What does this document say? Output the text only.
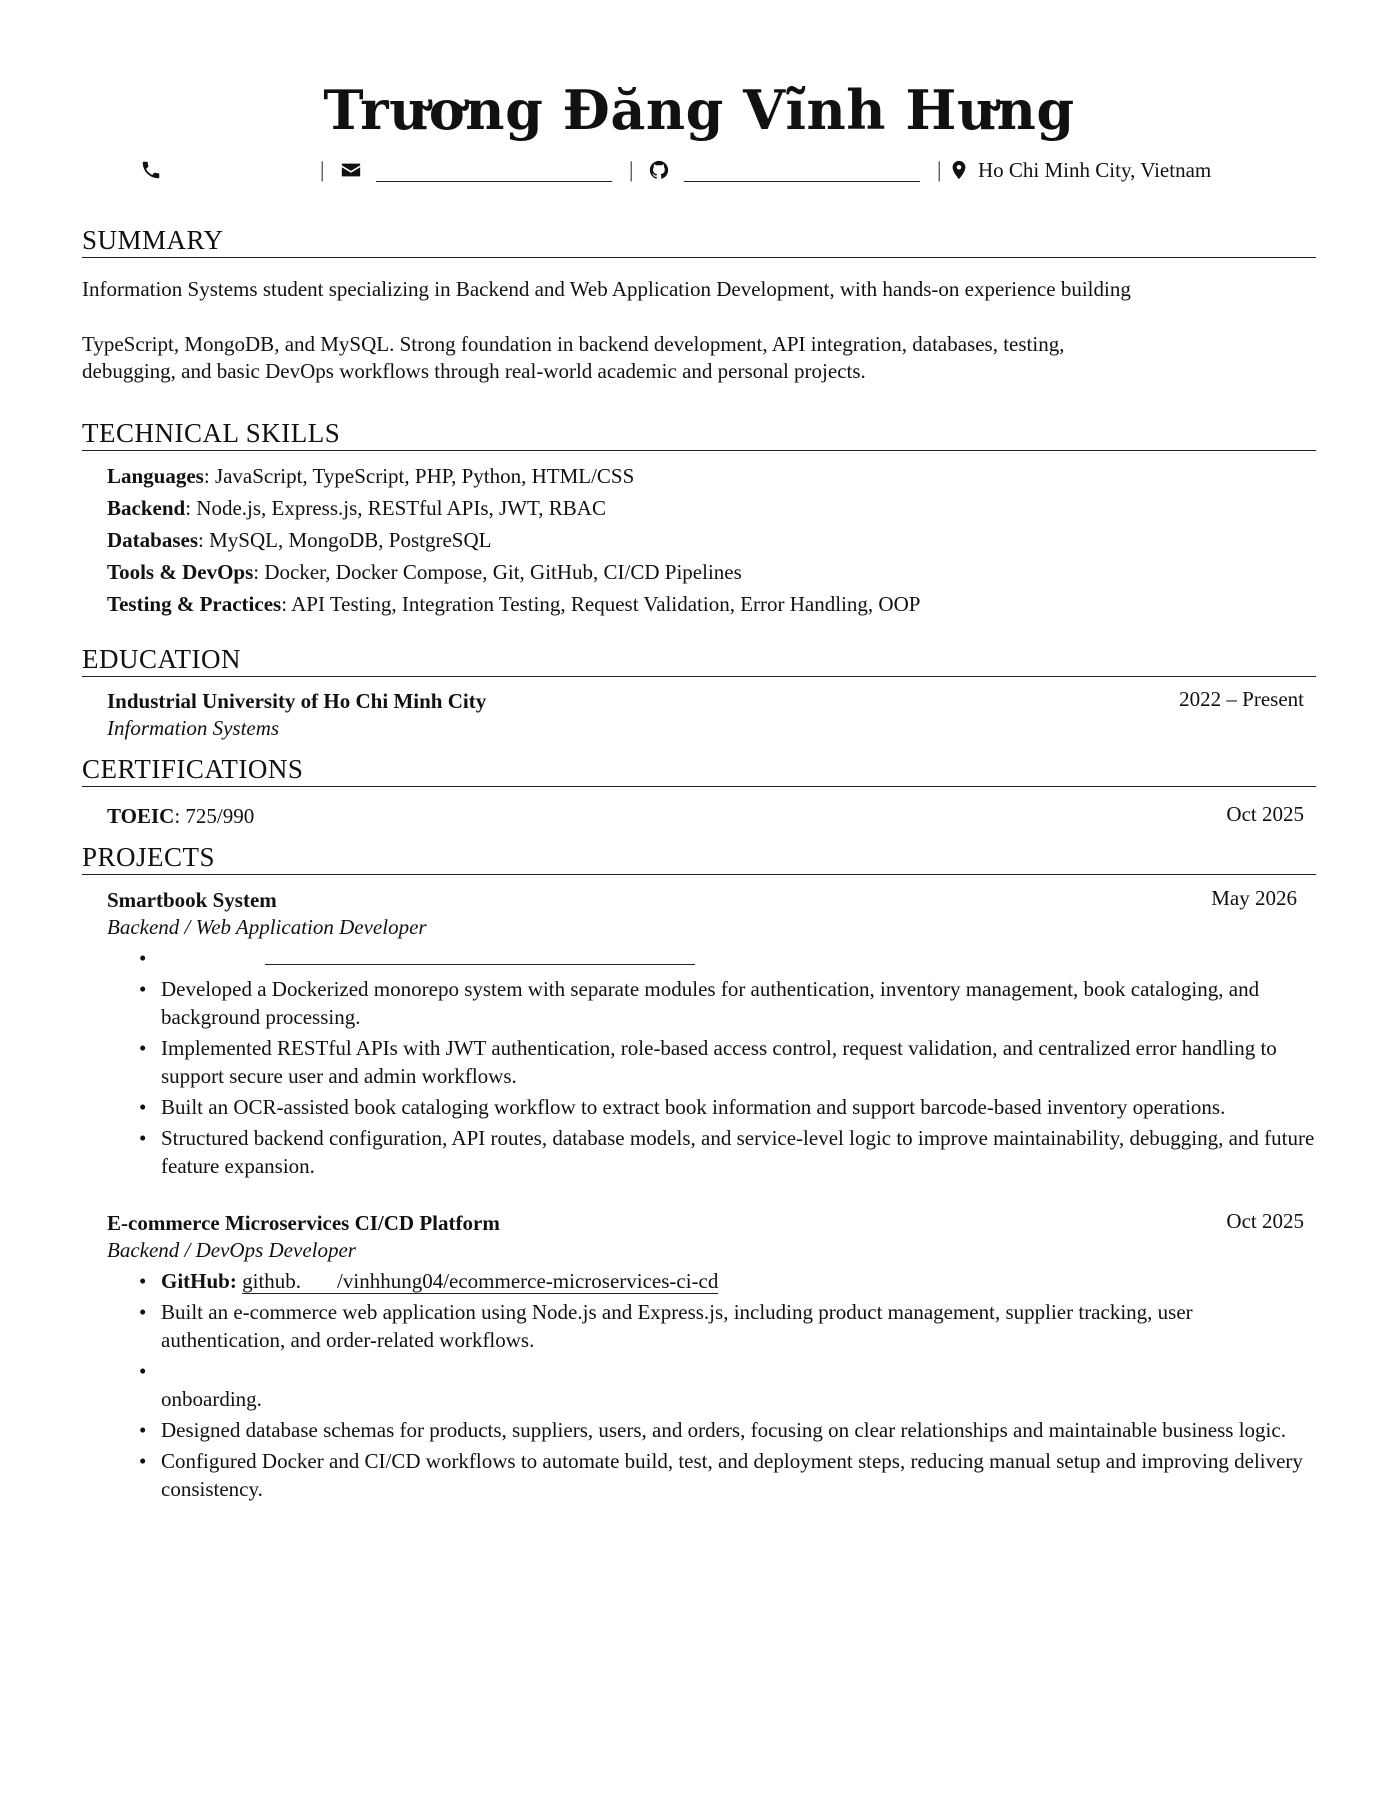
Trương Đăng Vĩnh Hưng
|	|	| Ho Chi Minh City, Vietnam
SUMMARY
Information Systems student specializing in Backend and Web Application Development, with hands-on experience building
TypeScript, MongoDB, and MySQL. Strong foundation in backend development, API integration, databases, testing,
debugging, and basic DevOps workflows through real-world academic and personal projects.
TECHNICAL SKILLS
Languages: JavaScript, TypeScript, PHP, Python, HTML/CSS
Backend: Node.js, Express.js, RESTful APIs, JWT, RBAC
Databases: MySQL, MongoDB, PostgreSQL
Tools & DevOps: Docker, Docker Compose, Git, GitHub, CI/CD Pipelines
Testing & Practices: API Testing, Integration Testing, Request Validation, Error Handling, OOP
EDUCATION
Industrial University of Ho Chi Minh City	2022 – Present
Information Systems
CERTIFICATIONS
TOEIC: 725/990	Oct 2025
PROJECTS
Smartbook System	May 2026
Backend / Web Application Developer
•
• Developed a Dockerized monorepo system with separate modules for authentication, inventory management, book cataloging, and background processing.
• Implemented RESTful APIs with JWT authentication, role-based access control, request validation, and centralized error handling to support secure user and admin workflows.
• Built an OCR-assisted book cataloging workflow to extract book information and support barcode-based inventory operations.
• Structured backend configuration, API routes, database models, and service-level logic to improve maintainability, debugging, and future feature expansion.
E-commerce Microservices CI/CD Platform	Oct 2025
Backend / DevOps Developer
• GitHub: github. /vinhhung04/ecommerce-microservices-ci-cd
• Built an e-commerce web application using Node.js and Express.js, including product management, supplier tracking, user authentication, and order-related workflows.
• onboarding.
• Designed database schemas for products, suppliers, users, and orders, focusing on clear relationships and maintainable business logic.
• Configured Docker and CI/CD workflows to automate build, test, and deployment steps, reducing manual setup and improving delivery consistency.
